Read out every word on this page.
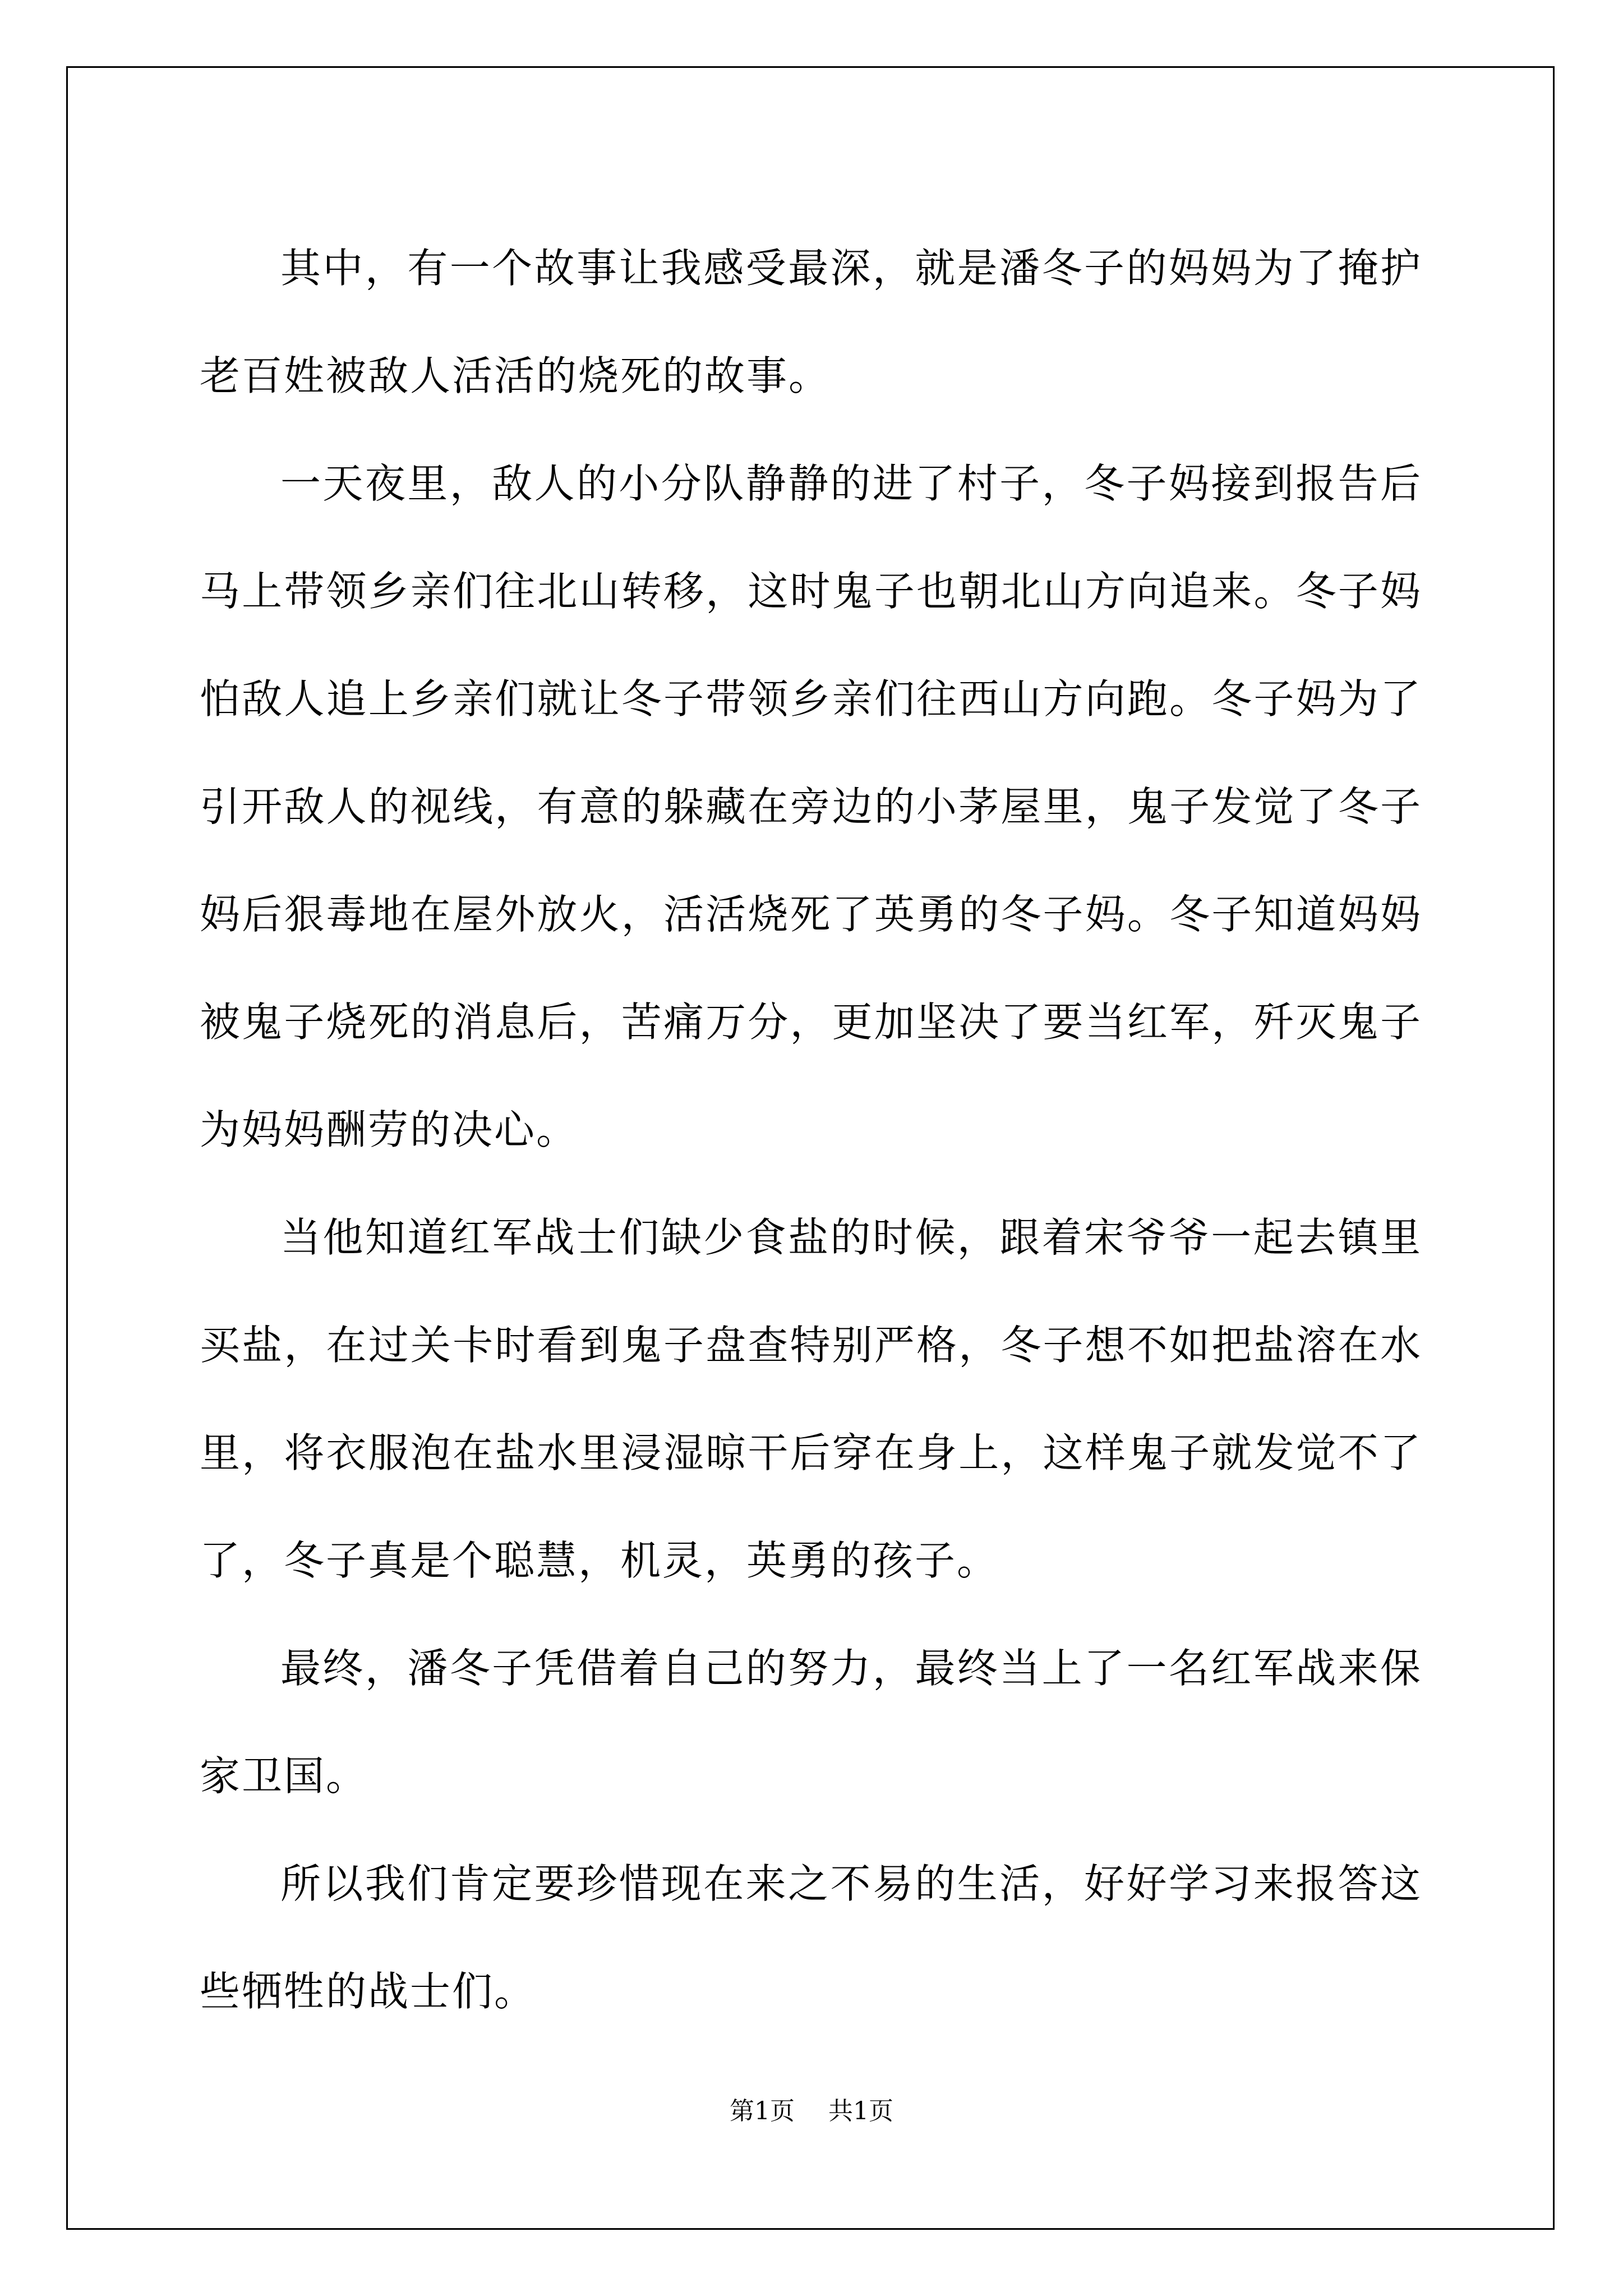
其中，有一个故事让我感受最深，就是潘冬子的妈妈为了掩护老百姓被敌人活活的烧死的故事。

一天夜里，敌人的小分队静静的进了村子，冬子妈接到报告后马上带领乡亲们往北山转移，这时鬼子也朝北山方向追来。冬子妈怕敌人追上乡亲们就让冬子带领乡亲们往西山方向跑。冬子妈为了引开敌人的视线，有意的躲藏在旁边的小茅屋里，鬼子发觉了冬子妈后狠毒地在屋外放火，活活烧死了英勇的冬子妈。冬子知道妈妈被鬼子烧死的消息后，苦痛万分，更加坚决了要当红军，歼灭鬼子为妈妈酬劳的决心。

当他知道红军战士们缺少食盐的时候，跟着宋爷爷一起去镇里买盐，在过关卡时看到鬼子盘查特别严格，冬子想不如把盐溶在水里，将衣服泡在盐水里浸湿晾干后穿在身上，这样鬼子就发觉不了了，冬子真是个聪慧，机灵，英勇的孩子。

最终，潘冬子凭借着自己的努力，最终当上了一名红军战来保家卫国。

所以我们肯定要珍惜现在来之不易的生活，好好学习来报答这些牺牲的战士们。

第1页 共1页
